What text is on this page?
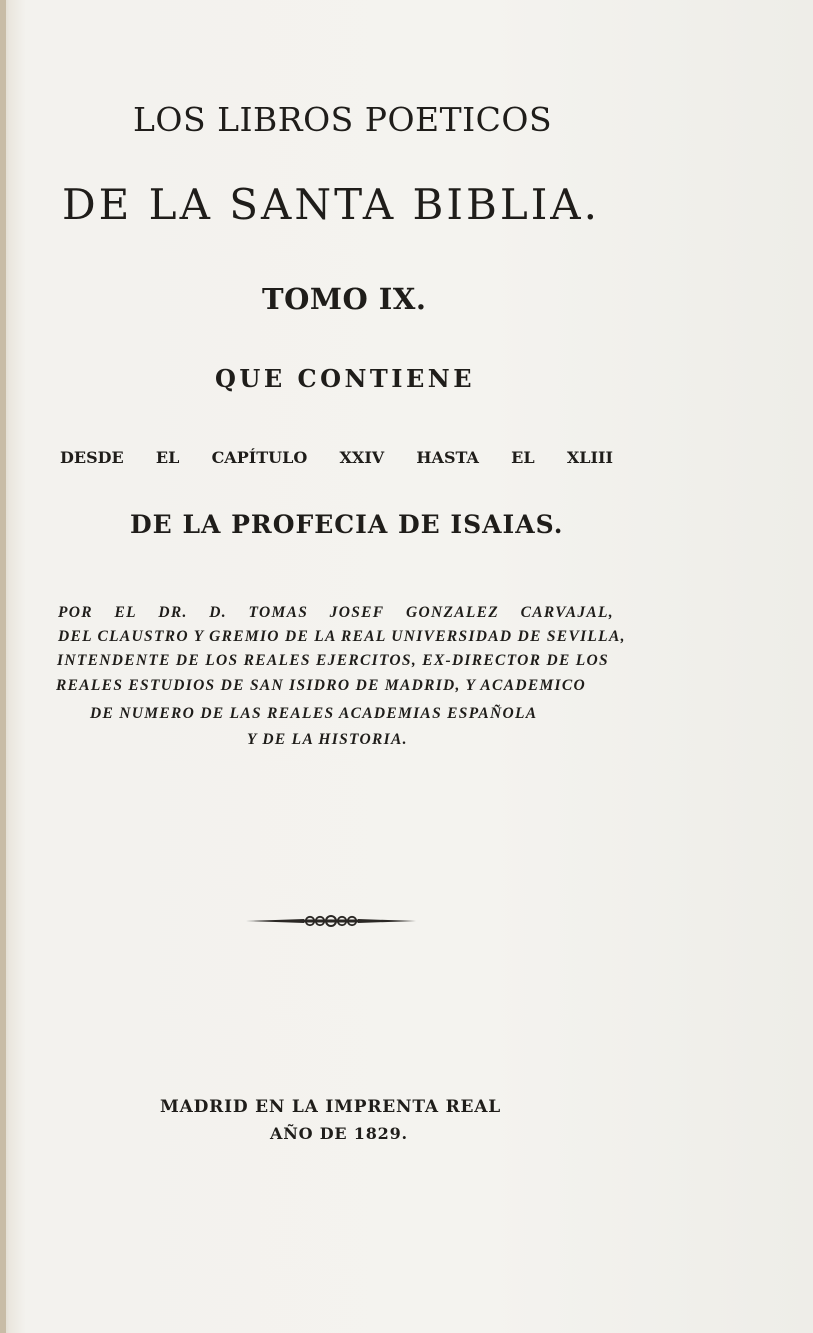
LOS LIBROS POETICOS
DE LA SANTA BIBLIA.
TOMO IX.
QUE CONTIENE
DESDE EL CAPÍTULO XXIV HASTA EL XLIII
DE LA PROFECIA DE ISAIAS.
POR EL DR. D. TOMAS JOSEF GONZALEZ CARVAJAL,
DEL CLAUSTRO Y GREMIO DE LA REAL UNIVERSIDAD DE SEVILLA,
INTENDENTE DE LOS REALES EJERCITOS, EX-DIRECTOR DE LOS
REALES ESTUDIOS DE SAN ISIDRO DE MADRID, Y ACADEMICO
DE NUMERO DE LAS REALES ACADEMIAS ESPAÑOLA
Y DE LA HISTORIA.
MADRID EN LA IMPRENTA REAL
AÑO DE 1829.
